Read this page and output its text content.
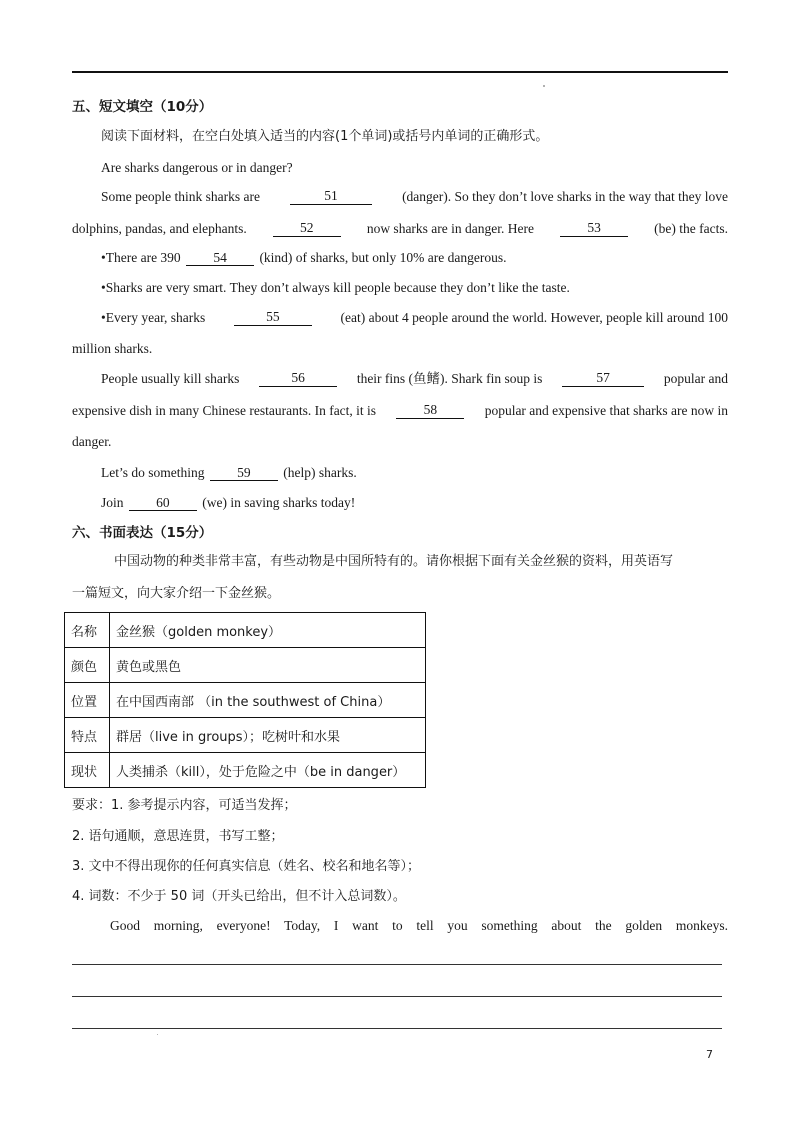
五、短文填空（10分）
阅读下面材料，在空白处填入适当的内容(1个单词)或括号内单词的正确形式。
Are sharks dangerous or in danger?
Some people think sharks are	51	(danger). So they don’t love sharks in the way that they love
dolphins, pandas, and elephants.	52	now sharks are in danger. Here	53	(be) the facts.
•There are 390 54 (kind) of sharks, but only 10% are dangerous.
•Sharks are very smart. They don’t always kill people because they don’t like the taste.
•Every year, sharks	55	(eat) about 4 people around the world. However, people kill around 100
million sharks.
People usually kill sharks	56	their fins (鱼鳍). Shark fin soup is	57	popular and
expensive dish in many Chinese restaurants. In fact, it is	58	popular and expensive that sharks are now in
danger.
Let’s do something 59 (help) sharks.
Join 60 (we) in saving sharks today!
六、书面表达（15分）
中国动物的种类非常丰富，有些动物是中国所特有的。请你根据下面有关金丝猴的资料，用英语写
一篇短文，向大家介绍一下金丝猴。
名称	金丝猴（golden monkey）
颜色	黄色或黑色
位置	在中国西南部 （in the southwest of China）
特点	群居（live in groups）；吃树叶和水果
现状	人类捕杀（kill），处于危险之中（be in danger）
要求：1. 参考提示内容，可适当发挥；
2. 语句通顺，意思连贯，书写工整；
3. 文中不得出现你的任何真实信息（姓名、校名和地名等）；
4. 词数：不少于 50 词（开头已给出，但不计入总词数）。
Good morning, everyone! Today, I want to tell you something about the golden monkeys.
7
